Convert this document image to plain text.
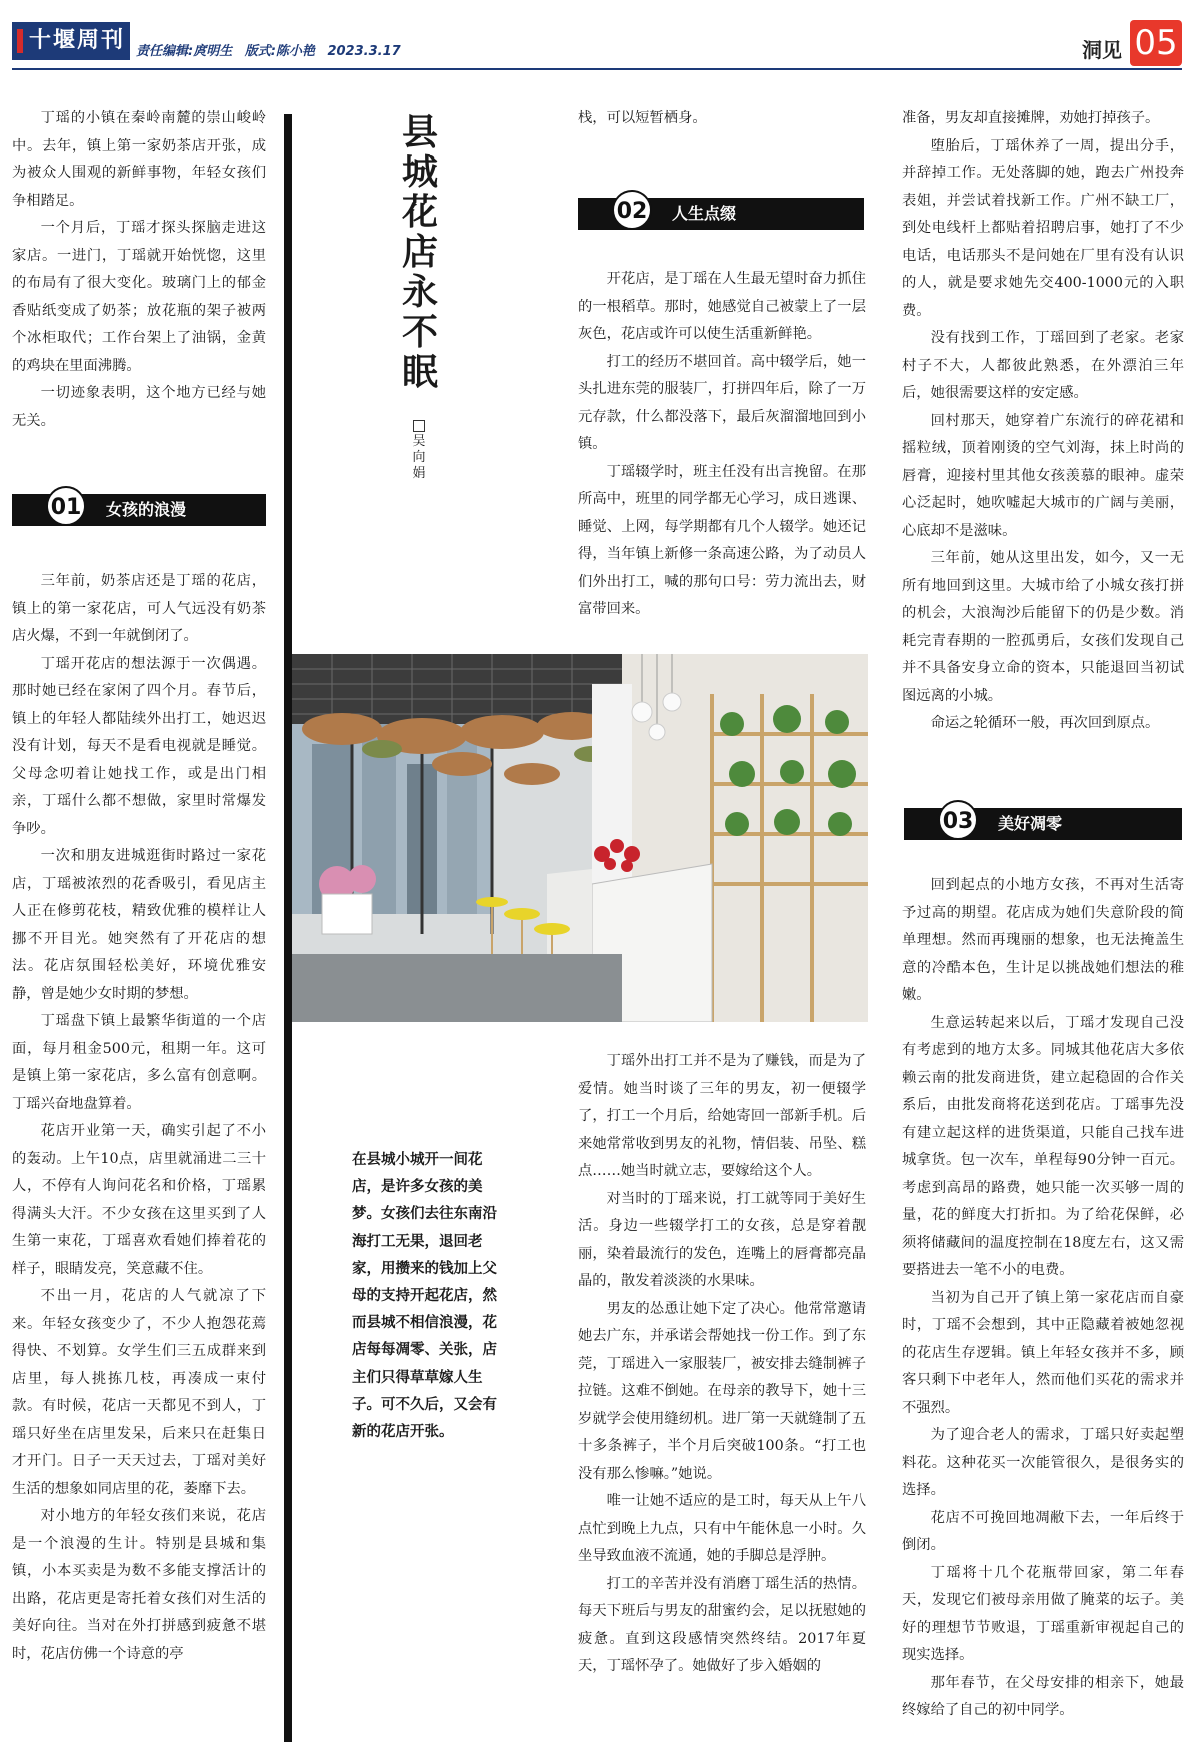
十堰周刊 责任编辑:庹明生 版式:陈小艳 2023.3.17	洞见 05

丁瑶的小镇在秦岭南麓的崇山峻岭中。去年，镇上第一家奶茶店开张，成为被众人围观的新鲜事物，年轻女孩们争相踏足。

一个月后，丁瑶才探头探脑走进这家店。一进门，丁瑶就开始恍惚，这里的布局有了很大变化。玻璃门上的郁金香贴纸变成了奶茶；放花瓶的架子被两个冰柜取代；工作台架上了油锅，金黄的鸡块在里面沸腾。

一切迹象表明，这个地方已经与她无关。

01 女孩的浪漫

三年前，奶茶店还是丁瑶的花店，镇上的第一家花店，可人气远没有奶茶店火爆，不到一年就倒闭了。

丁瑶开花店的想法源于一次偶遇。那时她已经在家闲了四个月。春节后，镇上的年轻人都陆续外出打工，她迟迟没有计划，每天不是看电视就是睡觉。父母念叨着让她找工作，或是出门相亲，丁瑶什么都不想做，家里时常爆发争吵。

一次和朋友进城逛街时路过一家花店，丁瑶被浓烈的花香吸引，看见店主人正在修剪花枝，精致优雅的模样让人挪不开目光。她突然有了开花店的想法。花店氛围轻松美好，环境优雅安静，曾是她少女时期的梦想。

丁瑶盘下镇上最繁华街道的一个店面，每月租金500元，租期一年。这可是镇上第一家花店，多么富有创意啊。丁瑶兴奋地盘算着。

花店开业第一天，确实引起了不小的轰动。上午10点，店里就涌进二三十人，不停有人询问花名和价格，丁瑶累得满头大汗。不少女孩在这里买到了人生第一束花，丁瑶喜欢看她们捧着花的样子，眼睛发亮，笑意藏不住。

不出一月，花店的人气就凉了下来。年轻女孩变少了，不少人抱怨花蔫得快、不划算。女学生们三五成群来到店里，每人挑拣几枝，再凑成一束付款。有时候，花店一天都见不到人，丁瑶只好坐在店里发呆，后来只在赶集日才开门。日子一天天过去，丁瑶对美好生活的想象如同店里的花，萎靡下去。

对小地方的年轻女孩们来说，花店是一个浪漫的生计。特别是县城和集镇，小本买卖是为数不多能支撑活计的出路，花店更是寄托着女孩们对生活的美好向往。当对在外打拼感到疲惫不堪时，花店仿佛一个诗意的亭

县城花店永不眠
吴向娟

栈，可以短暂栖身。

02 人生点缀

开花店，是丁瑶在人生最无望时奋力抓住的一根稻草。那时，她感觉自己被蒙上了一层灰色，花店或许可以使生活重新鲜艳。

打工的经历不堪回首。高中辍学后，她一头扎进东莞的服装厂，打拼四年后，除了一万元存款，什么都没落下，最后灰溜溜地回到小镇。

丁瑶辍学时，班主任没有出言挽留。在那所高中，班里的同学都无心学习，成日逃课、睡觉、上网，每学期都有几个人辍学。她还记得，当年镇上新修一条高速公路，为了动员人们外出打工，喊的那句口号：劳力流出去，财富带回来。

在县城小城开一间花店，是许多女孩的美梦。女孩们去往东南沿海打工无果，退回老家，用攒来的钱加上父母的支持开起花店，然而县城不相信浪漫，花店每每凋零、关张，店主们只得草草嫁人生子。可不久后，又会有新的花店开张。

丁瑶外出打工并不是为了赚钱，而是为了爱情。她当时谈了三年的男友，初一便辍学了，打工一个月后，给她寄回一部新手机。后来她常常收到男友的礼物，情侣装、吊坠、糕点……她当时就立志，要嫁给这个人。

对当时的丁瑶来说，打工就等同于美好生活。身边一些辍学打工的女孩，总是穿着靓丽，染着最流行的发色，连嘴上的唇膏都亮晶晶的，散发着淡淡的水果味。

男友的怂恿让她下定了决心。他常常邀请她去广东，并承诺会帮她找一份工作。到了东莞，丁瑶进入一家服装厂，被安排去缝制裤子拉链。这难不倒她。在母亲的教导下，她十三岁就学会使用缝纫机。进厂第一天就缝制了五十多条裤子，半个月后突破100条。“打工也没有那么惨嘛。”她说。

唯一让她不适应的是工时，每天从上午八点忙到晚上九点，只有中午能休息一小时。久坐导致血液不流通，她的手脚总是浮肿。

打工的辛苦并没有消磨丁瑶生活的热情。每天下班后与男友的甜蜜约会，足以抚慰她的疲惫。直到这段感情突然终结。2017年夏天，丁瑶怀孕了。她做好了步入婚姻的

准备，男友却直接摊牌，劝她打掉孩子。

堕胎后，丁瑶休养了一周，提出分手，并辞掉工作。无处落脚的她，跑去广州投奔表姐，并尝试着找新工作。广州不缺工厂，到处电线杆上都贴着招聘启事，她打了不少电话，电话那头不是问她在厂里有没有认识的人，就是要求她先交400-1000元的入职费。

没有找到工作，丁瑶回到了老家。老家村子不大，人都彼此熟悉，在外漂泊三年后，她很需要这样的安定感。

回村那天，她穿着广东流行的碎花裙和摇粒绒，顶着刚烫的空气刘海，抹上时尚的唇膏，迎接村里其他女孩羡慕的眼神。虚荣心泛起时，她吹嘘起大城市的广阔与美丽，心底却不是滋味。

三年前，她从这里出发，如今，又一无所有地回到这里。大城市给了小城女孩打拼的机会，大浪淘沙后能留下的仍是少数。消耗完青春期的一腔孤勇后，女孩们发现自己并不具备安身立命的资本，只能退回当初试图远离的小城。

命运之轮循环一般，再次回到原点。

03 美好凋零

回到起点的小地方女孩，不再对生活寄予过高的期望。花店成为她们失意阶段的简单理想。然而再瑰丽的想象，也无法掩盖生意的冷酷本色，生计足以挑战她们想法的稚嫩。

生意运转起来以后，丁瑶才发现自己没有考虑到的地方太多。同城其他花店大多依赖云南的批发商进货，建立起稳固的合作关系后，由批发商将花送到花店。丁瑶事先没有建立起这样的进货渠道，只能自己找车进城拿货。包一次车，单程每90分钟一百元。考虑到高昂的路费，她只能一次买够一周的量，花的鲜度大打折扣。为了给花保鲜，必须将储藏间的温度控制在18度左右，这又需要搭进去一笔不小的电费。

当初为自己开了镇上第一家花店而自豪时，丁瑶不会想到，其中正隐藏着被她忽视的花店生存逻辑。镇上年轻女孩并不多，顾客只剩下中老年人，然而他们买花的需求并不强烈。

为了迎合老人的需求，丁瑶只好卖起塑料花。这种花买一次能管很久，是很务实的选择。

花店不可挽回地凋敝下去，一年后终于倒闭。

丁瑶将十几个花瓶带回家，第二年春天，发现它们被母亲用做了腌菜的坛子。美好的理想节节败退，丁瑶重新审视起自己的现实选择。

那年春节，在父母安排的相亲下，她最终嫁给了自己的初中同学。
